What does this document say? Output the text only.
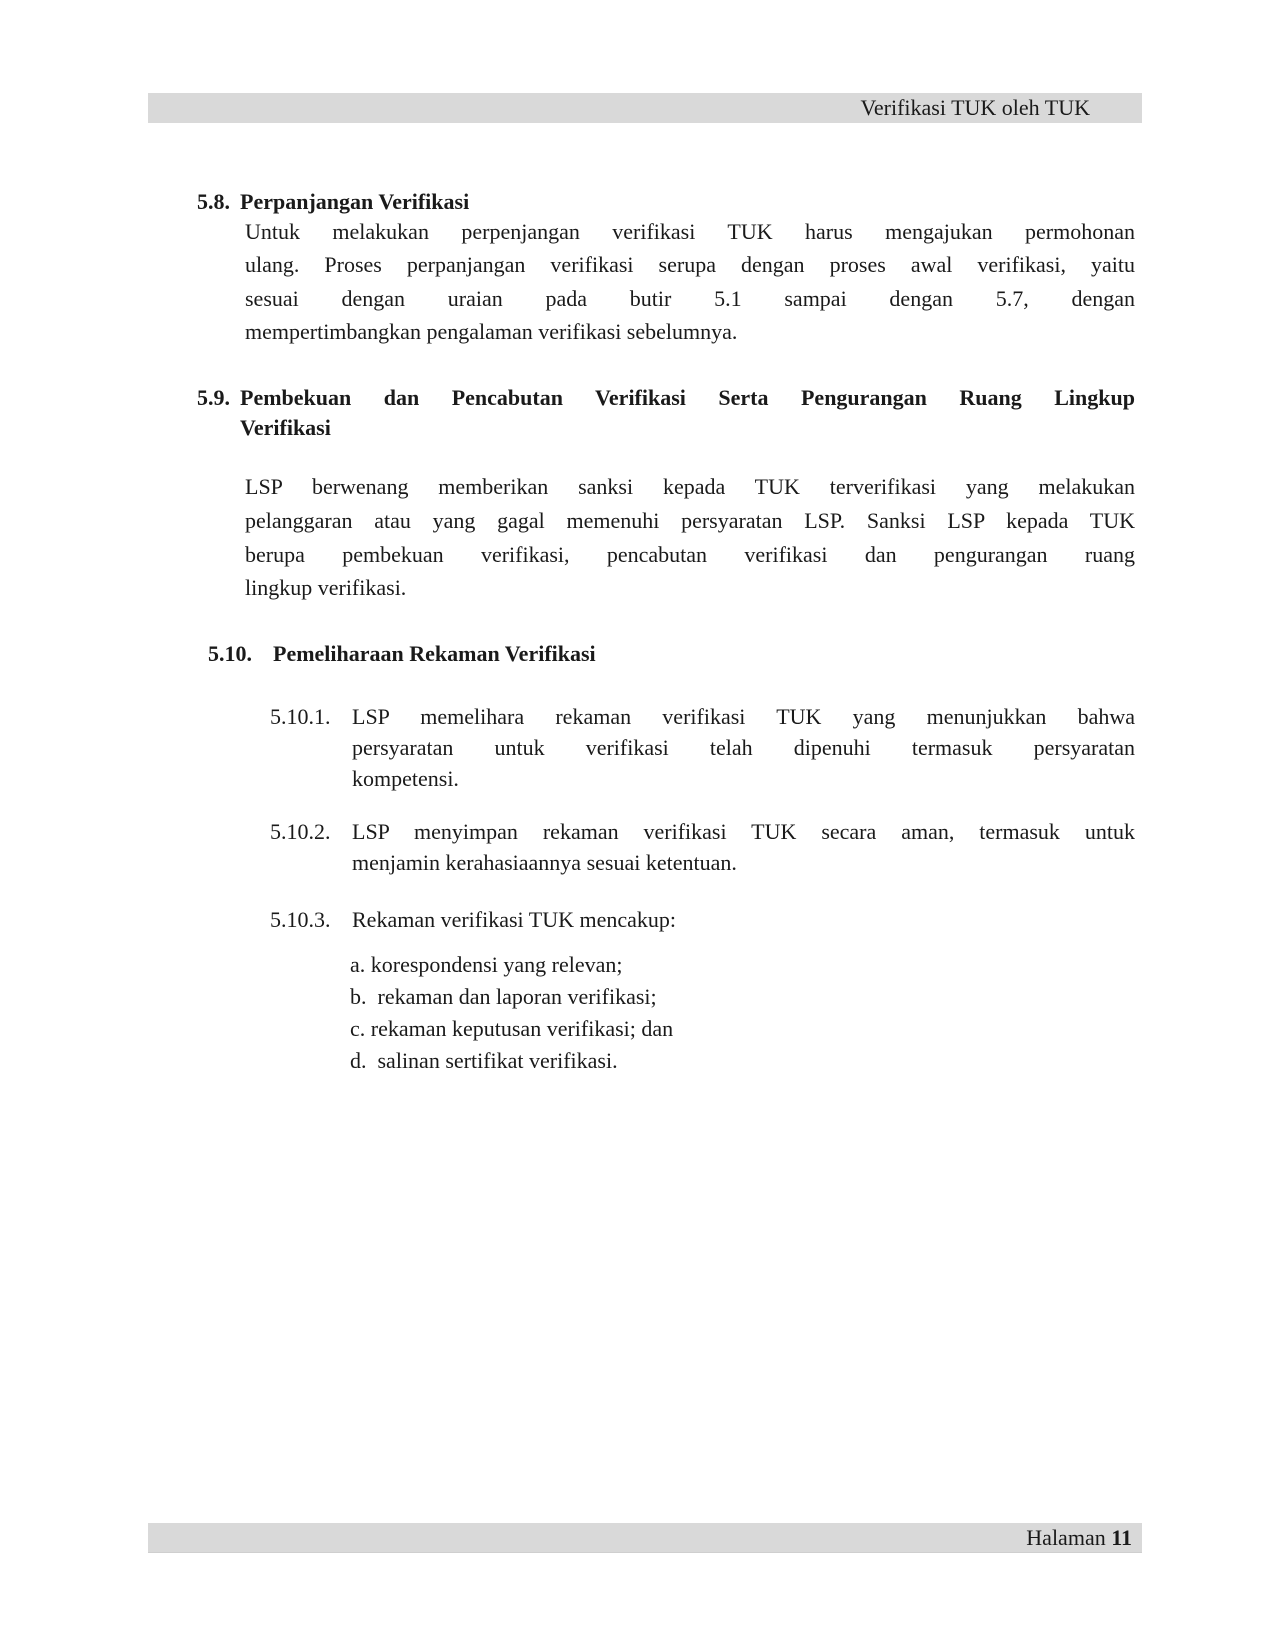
Verifikasi TUK oleh TUK
5.8. Perpanjangan Verifikasi
Untuk melakukan perpenjangan verifikasi TUK harus mengajukan permohonan
ulang. Proses perpanjangan verifikasi serupa dengan proses awal verifikasi, yaitu
sesuai dengan uraian pada butir 5.1 sampai dengan 5.7, dengan
mempertimbangkan pengalaman verifikasi sebelumnya.
5.9. Pembekuan dan Pencabutan Verifikasi Serta Pengurangan Ruang Lingkup
Verifikasi
LSP berwenang memberikan sanksi kepada TUK terverifikasi yang melakukan
pelanggaran atau yang gagal memenuhi persyaratan LSP. Sanksi LSP kepada TUK
berupa pembekuan verifikasi, pencabutan verifikasi dan pengurangan ruang
lingkup verifikasi.
5.10. Pemeliharaan Rekaman Verifikasi
5.10.1. LSP memelihara rekaman verifikasi TUK yang menunjukkan bahwa
persyaratan untuk verifikasi telah dipenuhi termasuk persyaratan
kompetensi.
5.10.2. LSP menyimpan rekaman verifikasi TUK secara aman, termasuk untuk
menjamin kerahasiaannya sesuai ketentuan.
5.10.3. Rekaman verifikasi TUK mencakup:
a. korespondensi yang relevan;
b.  rekaman dan laporan verifikasi;
c. rekaman keputusan verifikasi; dan
d.  salinan sertifikat verifikasi.
Halaman 11
